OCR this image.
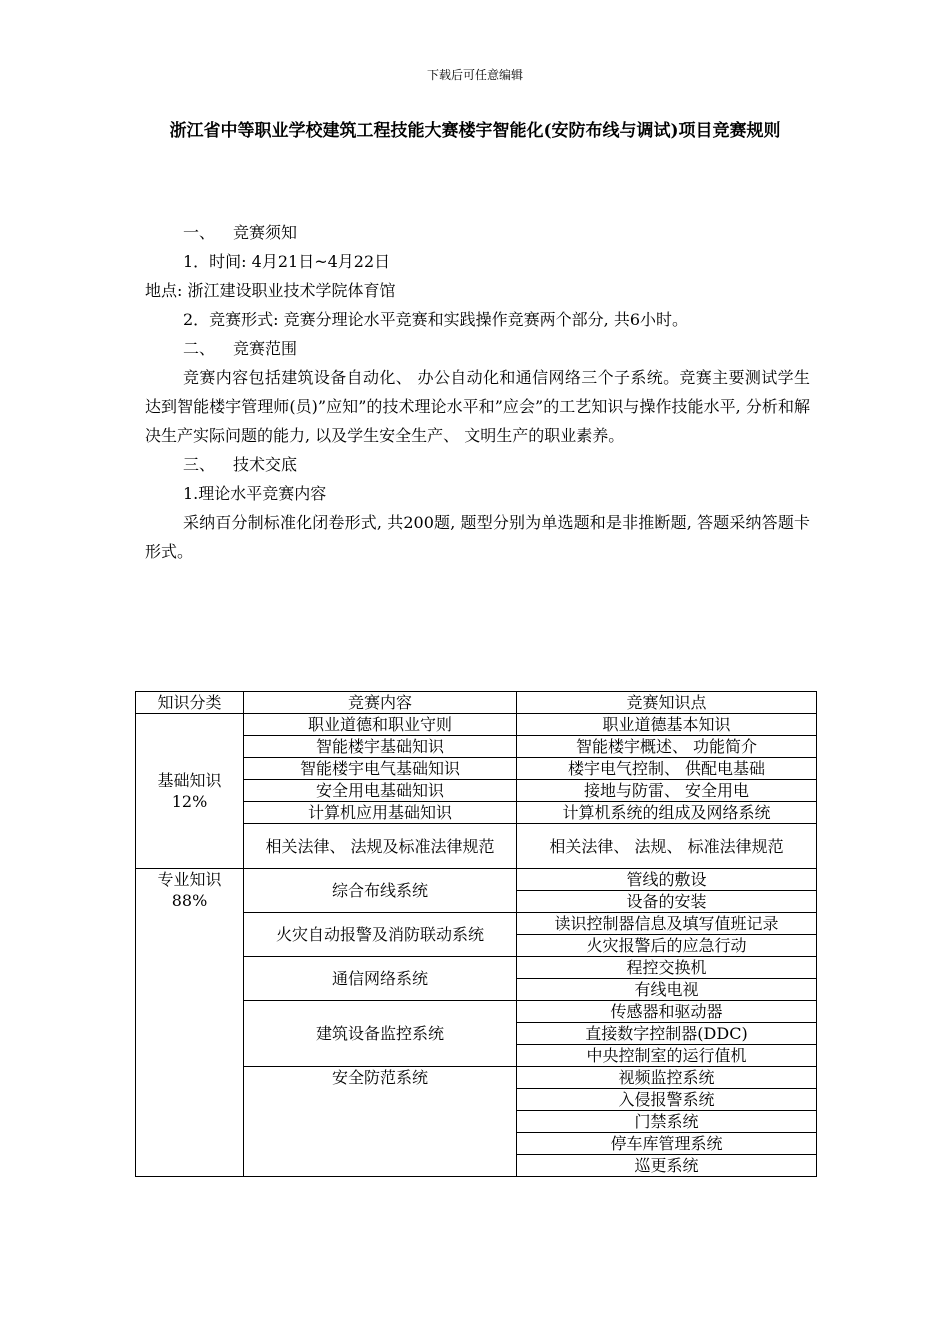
下载后可任意编辑
浙江省中等职业学校建筑工程技能大赛楼宇智能化(安防布线与调试)项目竞赛规则
一、 竞赛须知
1．时间: 4月21日~4月22日
地点: 浙江建设职业技术学院体育馆
2．竞赛形式: 竞赛分理论水平竞赛和实践操作竞赛两个部分, 共6小时。
二、 竞赛范围
竞赛内容包括建筑设备自动化、 办公自动化和通信网络三个子系统。竞赛主要测试学生达到智能楼宇管理师(员)”应知”的技术理论水平和”应会”的工艺知识与操作技能水平, 分析和解决生产实际问题的能力, 以及学生安全生产、 文明生产的职业素养。
三、 技术交底
1.理论水平竞赛内容
采纳百分制标准化闭卷形式, 共200题, 题型分别为单选题和是非推断题, 答题采纳答题卡形式。
知识分类	竞赛内容	竞赛知识点

基础知识
12%	职业道德和职业守则	职业道德基本知识
	智能楼宇基础知识	智能楼宇概述、 功能简介
	智能楼宇电气基础知识	楼宇电气控制、 供配电基础
	安全用电基础知识	接地与防雷、 安全用电
	计算机应用基础知识	计算机系统的组成及网络系统
	相关法律、 法规及标准法律规范	相关法律、 法规、 标准法律规范

专业知识
88%	综合布线系统	管线的敷设
		设备的安装
	火灾自动报警及消防联动系统	读识控制器信息及填写值班记录
		火灾报警后的应急行动
	通信网络系统	程控交换机
		有线电视
	建筑设备监控系统	传感器和驱动器
		直接数字控制器(DDC)
		中央控制室的运行值机
	安全防范系统	视频监控系统
		入侵报警系统
		门禁系统
		停车库管理系统
		巡更系统
